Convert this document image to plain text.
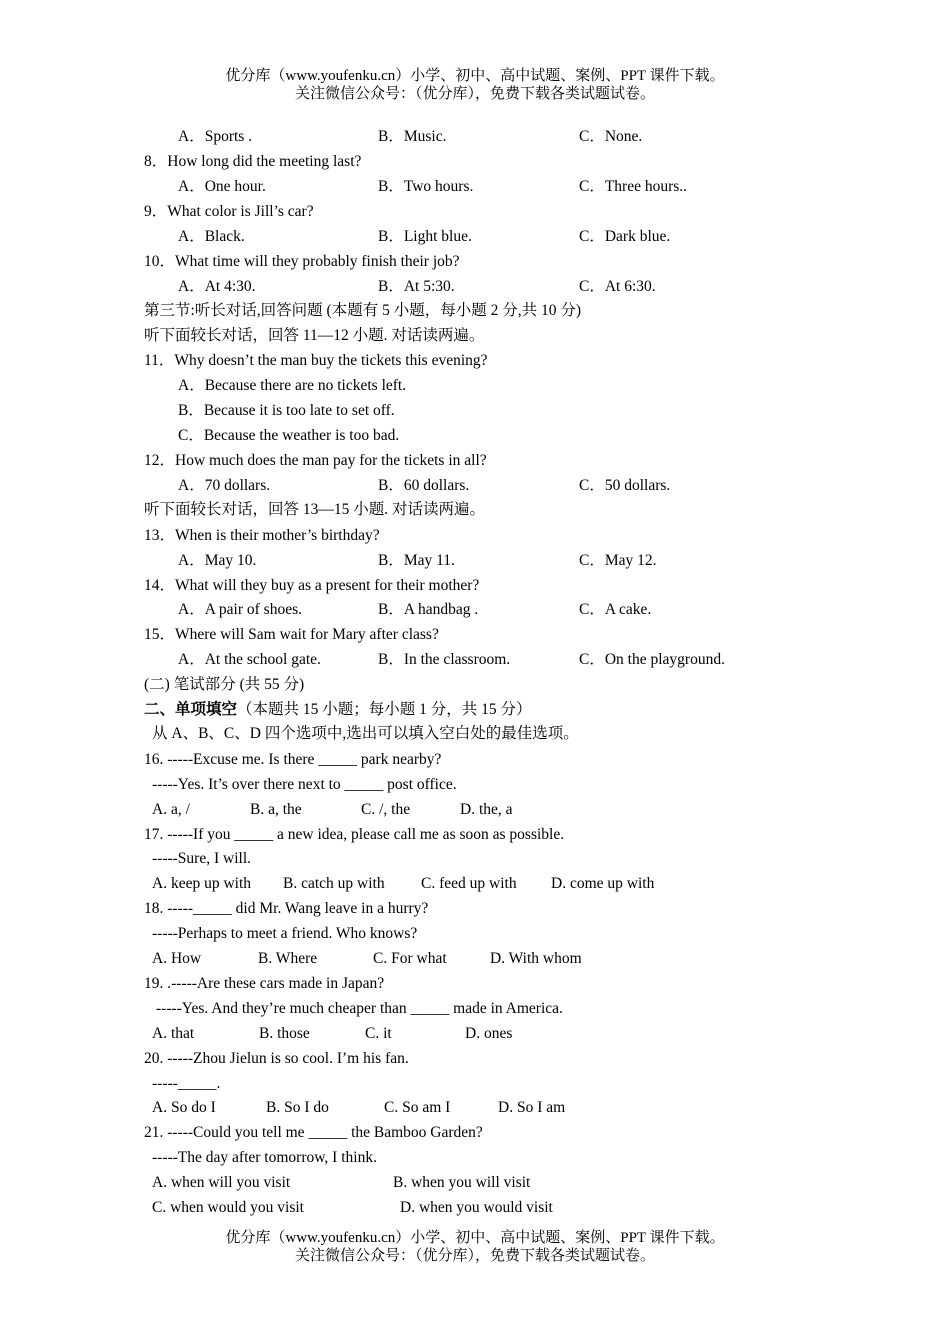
优分库（www.youfenku.cn）小学、初中、高中试题、案例、PPT 课件下载。
关注微信公众号：（优分库），免费下载各类试题试卷。
A．Sports .	B．Music.	C．None.
8．How long did the meeting last?
A．One hour.	B．Two hours.	C．Three hours..
9．What color is Jill’s car?
A．Black.	B．Light blue.	C．Dark blue.
10．What time will they probably finish their job?
A．At 4:30.	B．At 5:30.	C．At 6:30.
第三节:听长对话,回答问题 (本题有 5 小题，每小题 2 分,共 10 分)
听下面较长对话，回答 11—12 小题. 对话读两遍。
11．Why doesn’t the man buy the tickets this evening?
A．Because there are no tickets left.
B．Because it is too late to set off.
C．Because the weather is too bad.
12．How much does the man pay for the tickets in all?
A．70 dollars.	B．60 dollars.	C．50 dollars.
听下面较长对话，回答 13—15 小题. 对话读两遍。
13．When is their mother’s birthday?
A．May 10.	B．May 11.	C．May 12.
14．What will they buy as a present for their mother?
A．A pair of shoes.	B．A handbag .	C．A cake.
15．Where will Sam wait for Mary after class?
A．At the school gate.	B．In the classroom.	C．On the playground.
(二) 笔试部分 (共 55 分)
二、单项填空（本题共 15 小题；每小题 1 分，共 15 分）
从 A、B、C、D 四个选项中,选出可以填入空白处的最佳选项。
16. -----Excuse me. Is there _____ park nearby?
-----Yes. It’s over there next to _____ post office.
A. a, /	B. a, the	C. /, the	D. the, a
17. -----If you _____ a new idea, please call me as soon as possible.
-----Sure, I will.
A. keep up with B. catch up with C. feed up with D. come up with
18. -----_____ did Mr. Wang leave in a hurry?
-----Perhaps to meet a friend. Who knows?
A. How	B. Where	C. For what	D. With whom
19. .-----Are these cars made in Japan?
-----Yes. And they’re much cheaper than _____ made in America.
A. that	B. those	C. it	D. ones
20. -----Zhou Jielun is so cool. I’m his fan.
-----_____.
A. So do I	B. So I do	C. So am I	D. So I am
21. -----Could you tell me _____ the Bamboo Garden?
-----The day after tomorrow, I think.
A. when will you visit	B. when you will visit
C. when would you visit	D. when you would visit
优分库（www.youfenku.cn）小学、初中、高中试题、案例、PPT 课件下载。
关注微信公众号：（优分库），免费下载各类试题试卷。
